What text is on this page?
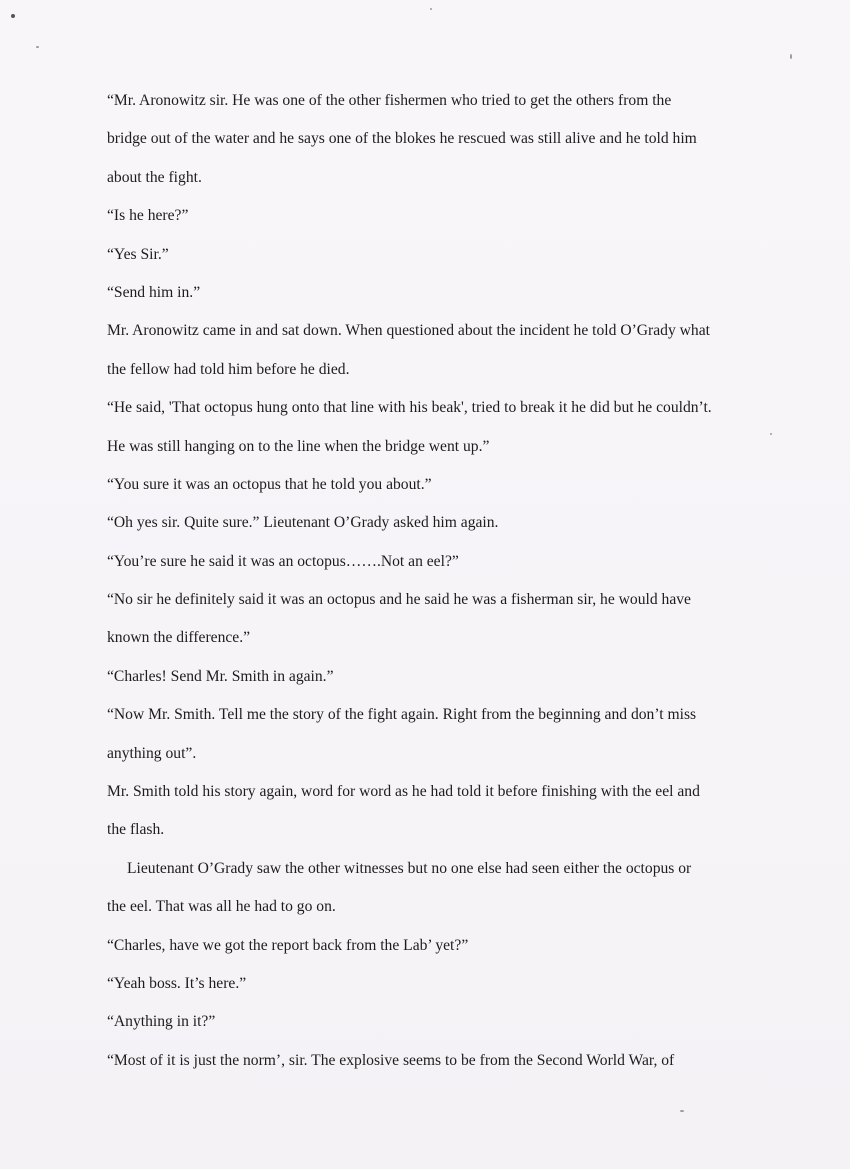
“Mr. Aronowitz sir. He was one of the other fishermen who tried to get the others from the
bridge out of the water and he says one of the blokes he rescued was still alive and he told him
about the fight.
“Is he here?”
“Yes Sir.”
“Send him in.”
Mr. Aronowitz came in and sat down. When questioned about the incident he told O’Grady what
the fellow had told him before he died.
“He said, 'That octopus hung onto that line with his beak', tried to break it he did but he couldn’t.
He was still hanging on to the line when the bridge went up.”
“You sure it was an octopus that he told you about.”
“Oh yes sir. Quite sure.” Lieutenant O’Grady asked him again.
“You’re sure he said it was an octopus…….Not an eel?”
“No sir he definitely said it was an octopus and he said he was a fisherman sir, he would have
known the difference.”
“Charles! Send Mr. Smith in again.”
“Now Mr. Smith. Tell me the story of the fight again. Right from the beginning and don’t miss
anything out”.
Mr. Smith told his story again, word for word as he had told it before finishing with the eel and
the flash.
Lieutenant O’Grady saw the other witnesses but no one else had seen either the octopus or
the eel. That was all he had to go on.
“Charles, have we got the report back from the Lab’ yet?”
“Yeah boss. It’s here.”
“Anything in it?”
“Most of it is just the norm’, sir. The explosive seems to be from the Second World War, of
